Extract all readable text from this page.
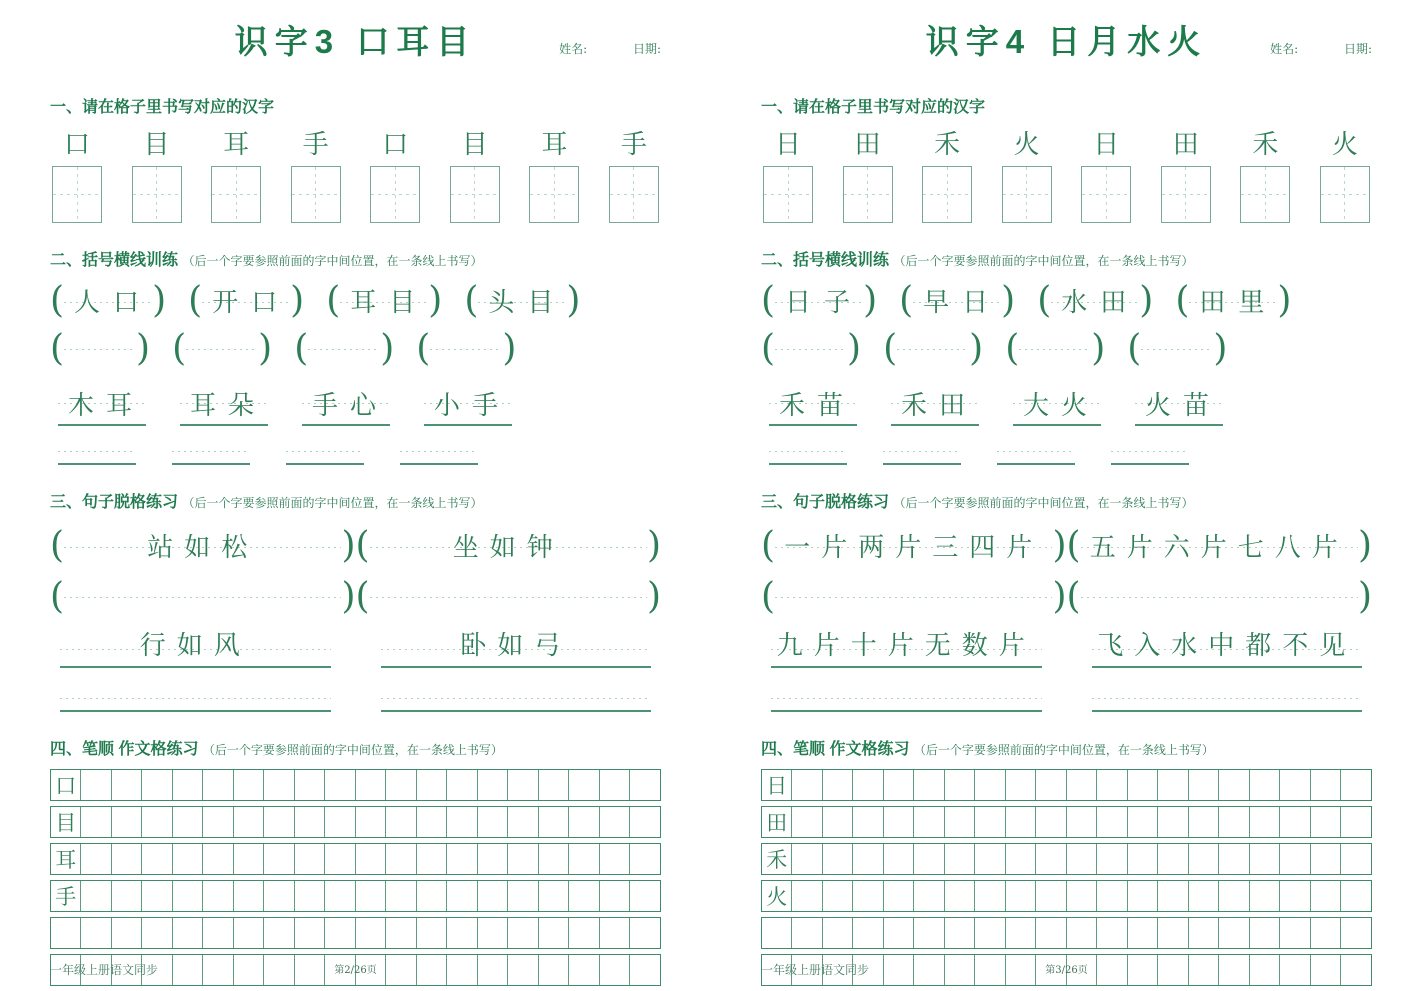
识字3 口耳目	姓名:	日期:
一、请在格子里书写对应的汉字
口 目 耳 手 口 目 耳 手
二、括号横线训练 （后一个字要参照前面的字中间位置，在一条线上书写）
( 人口 ) ( 开口 ) ( 耳目 ) ( 头目 )
( ) ( ) ( ) ( )
木耳	耳朵	手心	小手
三、句子脱格练习 （后一个字要参照前面的字中间位置，在一条线上书写）
(	站如松	) (	坐如钟	)
(	) (	)
行如风	卧如弓
四、笔顺 作文格练习 （后一个字要参照前面的字中间位置，在一条线上书写）
口
目
耳
手
一年级上册语文同步	第2/26页
识字4 日月水火	姓名:	日期:
一、请在格子里书写对应的汉字
日 田 禾 火 日 田 禾 火
二、括号横线训练 （后一个字要参照前面的字中间位置，在一条线上书写）
( 日子 ) ( 早日 ) ( 水田 ) ( 田里 )
( ) ( ) ( ) ( )
禾苗	禾田	大火	火苗
三、句子脱格练习 （后一个字要参照前面的字中间位置，在一条线上书写）
( 一片两片三四片 ) ( 五片六片七八片 )
(	) (	)
九片十片无数片 飞入水中都不见
四、笔顺 作文格练习 （后一个字要参照前面的字中间位置，在一条线上书写）
日
田
禾
火
一年级上册语文同步	第3/26页
